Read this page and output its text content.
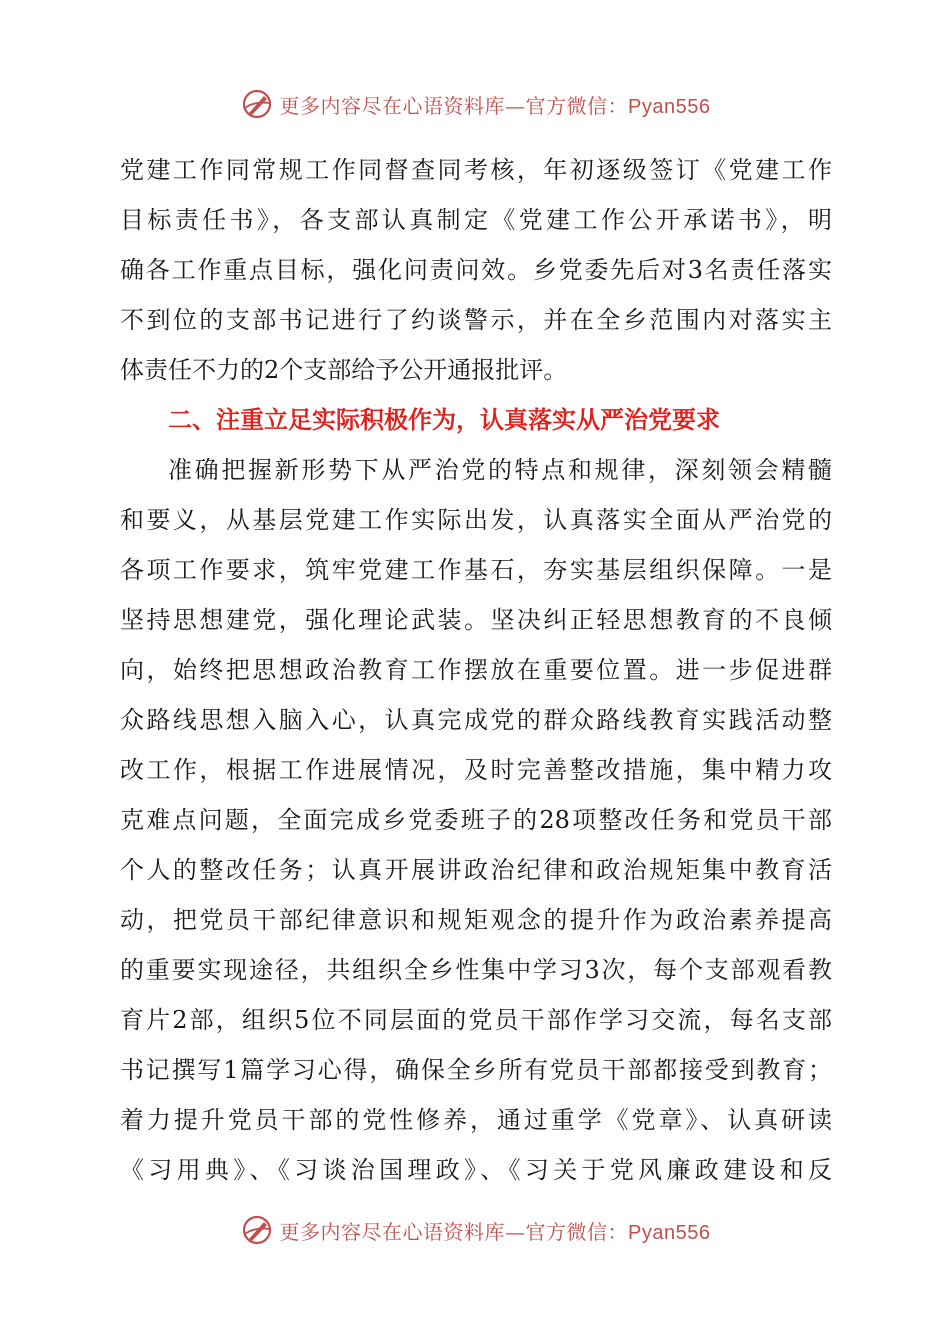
更多内容尽在心语资料库—官方微信：Pyan556
党建工作同常规工作同督查同考核，年初逐级签订《党建工作
目标责任书》，各支部认真制定《党建工作公开承诺书》，明
确各工作重点目标，强化问责问效。乡党委先后对3名责任落实
不到位的支部书记进行了约谈警示，并在全乡范围内对落实主
体责任不力的2个支部给予公开通报批评。
二、注重立足实际积极作为，认真落实从严治党要求
准确把握新形势下从严治党的特点和规律，深刻领会精髓
和要义，从基层党建工作实际出发，认真落实全面从严治党的
各项工作要求，筑牢党建工作基石，夯实基层组织保障。一是
坚持思想建党，强化理论武装。坚决纠正轻思想教育的不良倾
向，始终把思想政治教育工作摆放在重要位置。进一步促进群
众路线思想入脑入心，认真完成党的群众路线教育实践活动整
改工作，根据工作进展情况，及时完善整改措施，集中精力攻
克难点问题，全面完成乡党委班子的28项整改任务和党员干部
个人的整改任务；认真开展讲政治纪律和政治规矩集中教育活
动，把党员干部纪律意识和规矩观念的提升作为政治素养提高
的重要实现途径，共组织全乡性集中学习3次，每个支部观看教
育片2部，组织5位不同层面的党员干部作学习交流，每名支部
书记撰写1篇学习心得，确保全乡所有党员干部都接受到教育；
着力提升党员干部的党性修养，通过重学《党章》、认真研读
《习用典》、《习谈治国理政》、《习关于党风廉政建设和反
更多内容尽在心语资料库—官方微信：Pyan556
